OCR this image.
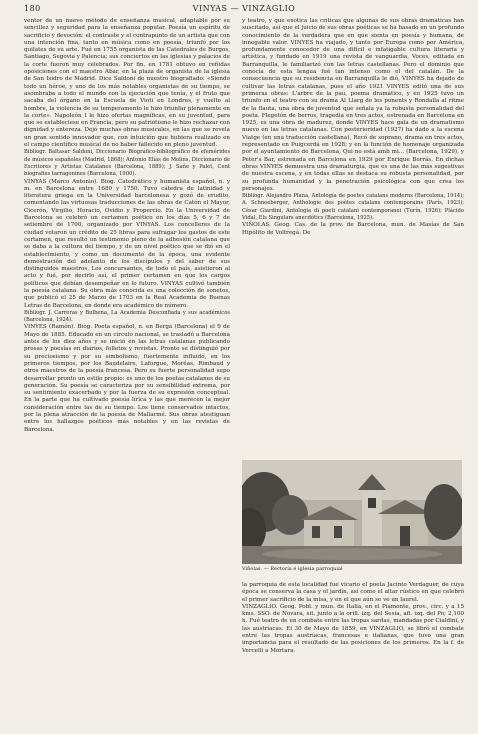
180	VINYAS — VINZAGLIO

ventor de un nuevo método de enseñanza musical, adaptable por su sencillez y seguridad para la enseñanza popular. Poesía un espíritu de sacrificio y devoción: el contraste y el contrapunto de un artista que con una intención fina, tanto en música como en poesía, triunfó por los quilates de su arte. Fué en 1755 organista de las Catedrales de Burgos, Santiago, Segovia y Palencia; sus conciertos en las iglesias y palacios de la corte fueron muy celebrados. Por fin, en 1781 obtuvo en reñidas oposiciones con el maestro Abar, en la plaza de organista de la iglesia de San Isidro de Madrid. Dice Saldoni de nuestro biografiado: «Siendo todo un héroe, y uno de los más notables organistas de su tiempo, se asombraba a todo el mundo con la ejecución que tenía, y el fruto que sacaba del órgano en la Escuela de Vioti en Londres, y vuelto al hombre, la violencia de su temperamento le hizo triunfar plenamente en la corte». Napoleón I le hizo ofertas magníficas, en su juventud, para que se estableciese en Francia, pero su patriotismo le hizo rechazar con dignidad y entereza. Dejó muchas obras musicales, en las que se revela un gran sentido innovador que, con intuición que hubiera realizado en el campo científico musical de no haber fallecido en pleno juventud.

Bibliogr. Baltasar Saldoni, Diccionario Biográfico-bibliográfico de efemérides de músicos españoles (Madrid, 1868); Antonio Elías de Molins, Diccionario de Escritores y Artistas Catalanes (Barcelona, 1889); J. Sañe y Palet, Cent biografies tarragonines (Barcelona, 1900).

VINYAS (Marco Antonio). Biog. Catedrático y humanista español, n. y m. en Barcelona entre 1680 y 1750. Tuvo cátedra de latinidad y literatura griega en la Universidad barcelonesa y gozó de erudito, comentando las virtuosas traducciones de las obras de Catón el Mayor, Cicerón, Virgilio, Horacio, Ovidio y Propercio. En la Universidad de Barcelona se celebró un certamen poético en los días 5, 6 y 7 de setiembre de 1700, organizado por VINYAS. Los concelleres de la ciudad votaron un crédito de 25 libras para sufragar los gastos de este certamen, que resultó un testimonio pleno de la adhesión catalana que se daba a la cultura del tiempo, y de un nivel poético que se dió en el establecimiento, y como un documento de la época, una evidente demostración del adelanto de los discípulos y del saber de sus distinguidos maestros. Los concursantes, de todo el país, asistieron al acto y fué, por decirlo así, el primer certamen en que los cargos políticos que debían desempeñar en lo futuro. VINYAS cultivó también la poesía catalana. Su obra más conocida es una colección de sonetos, que publicó el 25 de Marzo de 1703 en la Real Academia de Buenas Letras de Barcelona, en donde era académico de número.

Bibliogr. J. Carreras y Bulbena, La Academia Desconfiada y sus académicos (Barcelona, 1924).

VINYES (Ramón). Biog. Poeta español, n. en Berga (Barcelona) el 9 de Mayo de 1885. Educado en un círculo nacional, se trasladó a Barcelona antes de los diez años y se inició en las letras catalanas publicando prosas y poesías en diarios, folletos y revistas. Pronto se distinguió por su preciosismo y por su simbolismo, fuertemente influido, en los primeros tiempos, por los Baudelaire, Laforgue, Moréas, Rimbaud y otros maestros de la poesía francesa. Pero su fuerte personalidad supo desarrollar pronto un estilo propio: es uno de los poetas catalanes de su generación. Su poesía se caracteriza por su sensibilidad extrema, por su sentimiento exacerbado y por la fuerza de su expresión conceptual. En la parte que ha cultivado poesía lírica y las que merecen la mejor consideración entre las de su tiempo. Los tiene conservados intactos, por la plena atracción de la poesía de Mallarmé. Sus obras atestiguan entre los hallazgos poéticos más notables y en las revistas de Barcelona.

y teatro, y que exotica las críticas que algunas de sus obras dramáticas han suscitado, así que el juicio de sus obras poéticas se ha basado en un profundo conocimiento de la verdadera que en que sienta en poesía y humana, de innegable valor. VINYES ha viajado, y tanto por Europa como por América, profundamente conocedor de una difícil e infatigable cultura literaria y artística, y fundado en 1919 una revista de vanguardia, Voces, editada en Barranquilla, le familiarizó con las letras castellanas. Pero el dominio que conocía de esta lengua fué tan intenso como el del catalán. De la consecuencia que su residencia en Barranquilla le dió, VINYES ha dejado de cultivar las letras catalanas, pues el año 1921 VINYES editó una de sus primeras obras: L'arbre de la pau, poema dramático, y en 1925 tuvo un triunfo en el teatro con su drama Al Llarg de les ponents y Rondalla al ritme de la flauta, una obra de juventud que señala ya la robusta personalidad del poeta. Flegetón de berros, tragedia en tres actos, estrenada en Barcelona en 1925, es una obra de madurez, donde VINYES hace gala de un dramatismo nuevo en las letras catalanas. Con posterioridad (1927) ha dado a la escena Viatge (en una traducción castellana), Recó de soprano, drama en tres actos, representado en Puigcerdá en 1928; y en la función de homenaje organizada por el ayuntamiento de Barcelona, Qui no està amb mi... (Barcelona, 1929), y Peter's Bar, estrenada en Barcelona en 1929 por Enrique Borrás. En dichas obras VINYES demuestra una dramaturgia, que es una de las más sugestivas de nuestra escena, y en todas ellas se destaca su robusta personalidad, por su profunda humanidad y la penetración psicológica con que crea los personajes.

Bibliogr. Alejandro Plana, Antología de poetes catalans moderns (Barcelona, 1914); A. Schneeberger, Anthologie des poètes catalans contemporains (París, 1923); César Giardini, Antologia di poeti catalani contemporanei (Turín, 1926); Plácido Vidal, Els Singulars anecdòtics (Barcelona, 1925).

VIÑOLAS. Geog. Cas. de la prov. de Barcelona, mun. de Masías de San Hipólito de Voltregá. De

Viñolas. — Rectoría é iglesia parroquial

la parroquia de esta localidad fué vicario el poeta Jacinto Verdaguer, de cuya época se conserva la casa y el jardín, así como el altar rústico en que celebró el primer sacrificio de la misa, y en el que aún se ve un laurel.

VINZAGLIO. Geog. Pobl. y mun. de Italia, en el Piamonte, prov., circ. y a 15 kms. SSO. de Novara, sit. junto a la orill. izq. del Sesia, afl. izq. del Po; 2,100 h. Fué teatro de un combate entre las tropas sardas, mandadas por Cialdini, y las austríacas. El 30 de Mayo de 1859, en VINZAGLIO, se libró el combate entre las tropas austríacas, francesas e italianas, que tuvo una gran importancia para el resultado de las posiciones de los primeros. En la f. de Vercelli a Mortara.
